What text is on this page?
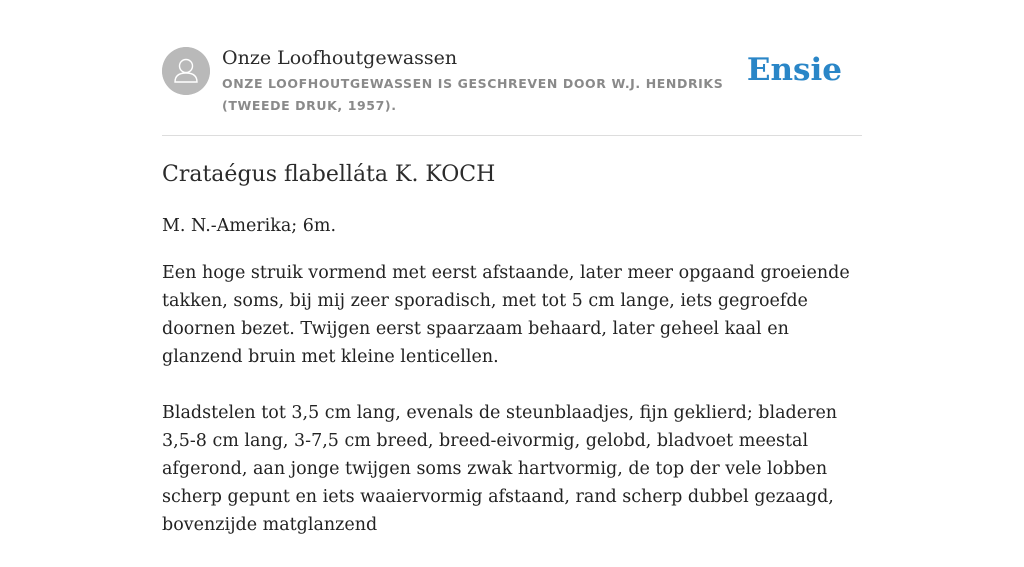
Onze Loofhoutgewassen
ONZE LOOFHOUTGEWASSEN IS GESCHREVEN DOOR W.J. HENDRIKS (TWEEDE DRUK, 1957).
Ensie
Crataégus flabelláta K. KOCH

M. N.-Amerika; 6m.

Een hoge struik vormend met eerst afstaande, later meer opgaand groeiende takken, soms, bij mij zeer sporadisch, met tot 5 cm lange, iets gegroefde doornen bezet. Twijgen eerst spaarzaam behaard, later geheel kaal en glanzend bruin met kleine lenticellen.

Bladstelen tot 3,5 cm lang, evenals de steunblaadjes, fijn geklierd; bladeren 3,5-8 cm lang, 3-7,5 cm breed, breed-eivormig, gelobd, bladvoet meestal afgerond, aan jonge twijgen soms zwak hartvormig, de top der vele lobben scherp gepunt en iets waaiervormig afstaand, rand scherp dubbel gezaagd, bovenzijde matglanzend
